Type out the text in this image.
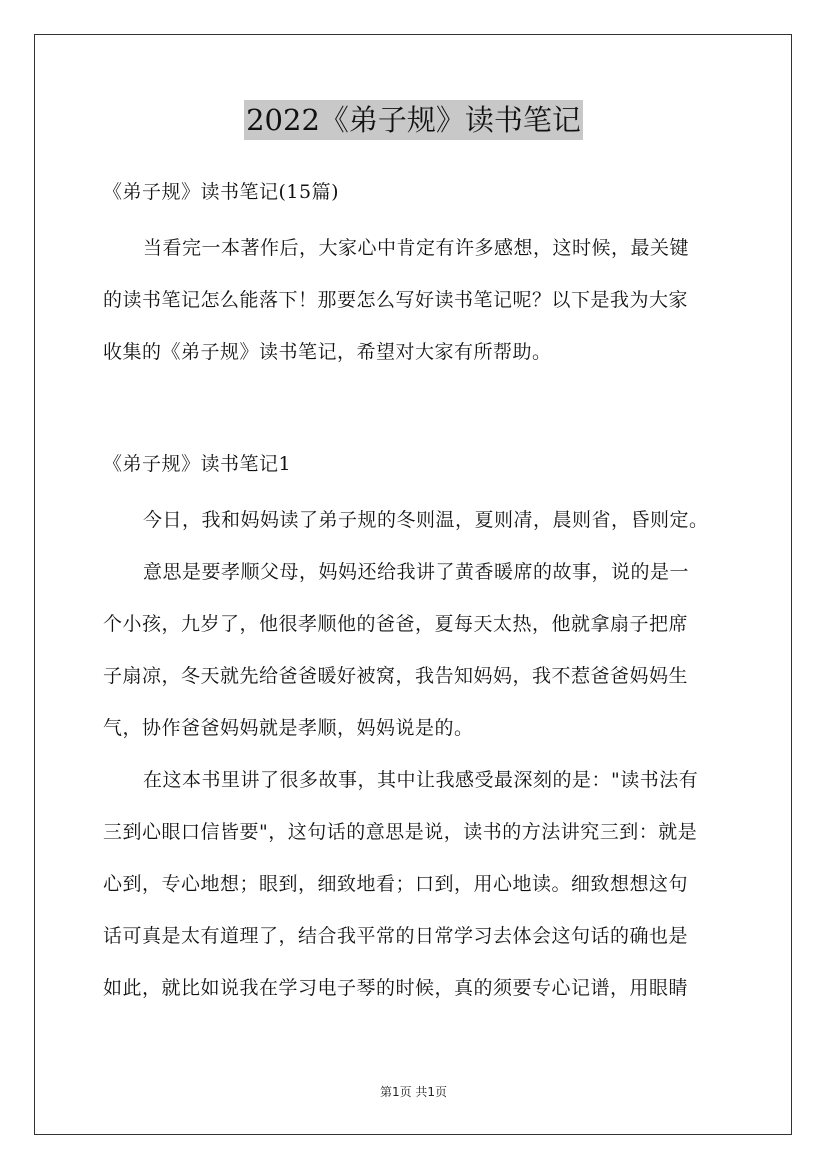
2022《弟子规》读书笔记
《弟子规》读书笔记(15篇)
当看完一本著作后，大家心中肯定有许多感想，这时候，最关键
的读书笔记怎么能落下！那要怎么写好读书笔记呢？以下是我为大家
收集的《弟子规》读书笔记，希望对大家有所帮助。
《弟子规》读书笔记1
今日，我和妈妈读了弟子规的冬则温，夏则凊，晨则省，昏则定。
意思是要孝顺父母，妈妈还给我讲了黄香暖席的故事，说的是一
个小孩，九岁了，他很孝顺他的爸爸，夏每天太热，他就拿扇子把席
子扇凉，冬天就先给爸爸暖好被窝，我告知妈妈，我不惹爸爸妈妈生
气，协作爸爸妈妈就是孝顺，妈妈说是的。
在这本书里讲了很多故事，其中让我感受最深刻的是："读书法有
三到心眼口信皆要"，这句话的意思是说，读书的方法讲究三到：就是
心到，专心地想；眼到，细致地看；口到，用心地读。细致想想这句
话可真是太有道理了，结合我平常的日常学习去体会这句话的确也是
如此，就比如说我在学习电子琴的时候，真的须要专心记谱，用眼睛
第1页 共1页
